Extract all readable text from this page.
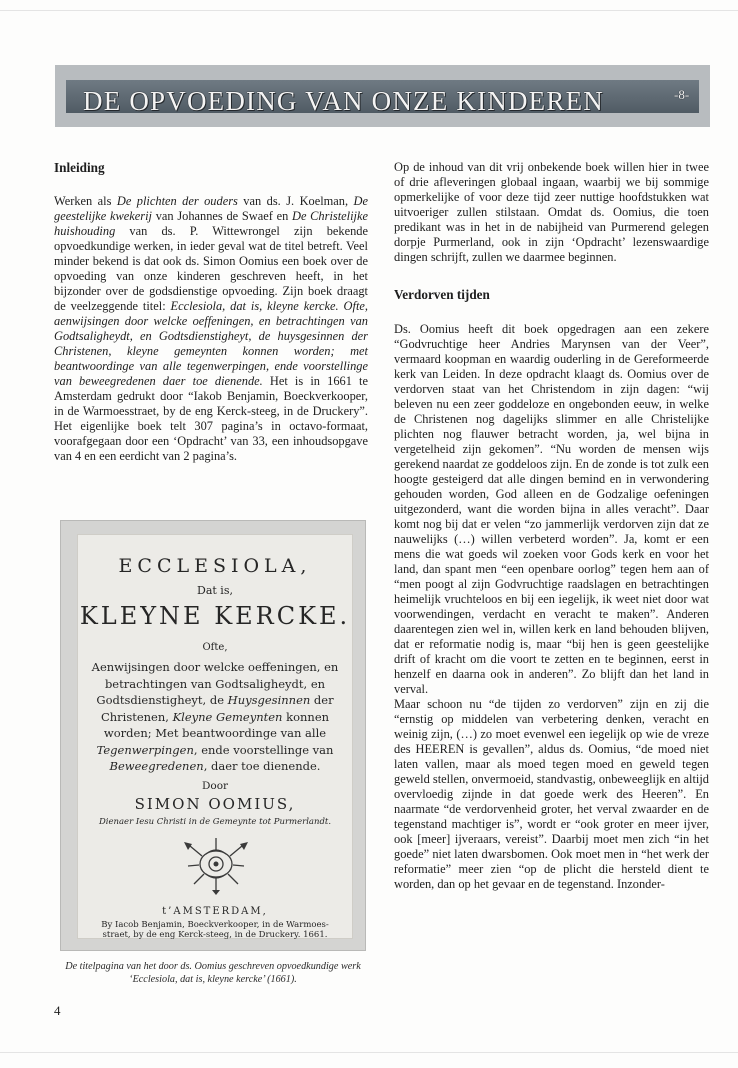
DE OPVOEDING VAN ONZE KINDEREN	-8-
Inleiding

Werken als De plichten der ouders van ds. J. Koelman, De geestelijke kwekerij van Johannes de Swaef en De Christelijke huishouding van ds. P. Wittewrongel zijn bekende opvoedkundige werken, in ieder geval wat de titel betreft. Veel minder bekend is dat ook ds. Simon Oomius een boek over de opvoeding van onze kinderen geschreven heeft, in het bijzonder over de godsdienstige opvoeding. Zijn boek draagt de veelzeggende titel: Ecclesiola, dat is, kleyne kercke. Ofte, aenwijsingen door welcke oeffeningen, en betrachtingen van Godtsaligheydt, en Godtsdienstigheyt, de huysgesinnen der Christenen, kleyne gemeynten konnen worden; met beantwoordinge van alle tegenwerpingen, ende voorstellinge van beweegredenen daer toe dienende. Het is in 1661 te Amsterdam gedrukt door “Iakob Benjamin, Boeckverkooper, in de Warmoesstraet, by de eng Kerck-steeg, in de Druckery”. Het eigenlijke boek telt 307 pagina’s in octavo-formaat, voorafgegaan door een ‘Opdracht’ van 33, een inhoudsopgave van 4 en een eerdicht van 2 pagina’s.

ECCLESIOLA,
Dat is,
KLEYNE KERCKE.
Ofte,
Aenwijsingen door welcke oeffeningen, en betrachtingen van Godtsaligheydt, en Godtsdienstigheyt, de Huysgesinnen der Christenen, Kleyne Gemeynten konnen worden; Met beantwoordinge van alle Tegenwerpingen, ende voorstellinge van Beweegredenen, daer toe dienende.
Door
SIMON OOMIUS,
Dienaer Iesu Christi in de Gemeynte tot Purmerlandt.
t’AMSTERDAM,
By Iacob Benjamin, Boeckverkooper, in de Warmoes-straet, by de eng Kerck-steeg, in de Druckery. 1661.
De titelpagina van het door ds. Oomius geschreven opvoedkundige werk ‘Ecclesiola, dat is, kleyne kercke’ (1661).

Op de inhoud van dit vrij onbekende boek willen hier in twee of drie afleveringen globaal ingaan, waarbij we bij sommige opmerkelijke of voor deze tijd zeer nuttige hoofdstukken wat uitvoeriger zullen stilstaan. Omdat ds. Oomius, die toen predikant was in het in de nabijheid van Purmerend gelegen dorpje Purmerland, ook in zijn ‘Opdracht’ lezenswaardige dingen schrijft, zullen we daarmee beginnen.

Verdorven tijden

Ds. Oomius heeft dit boek opgedragen aan een zekere “Godvruchtige heer Andries Marynsen van der Veer”, vermaard koopman en waardig ouderling in de Gereformeerde kerk van Leiden. In deze opdracht klaagt ds. Oomius over de verdorven staat van het Christendom in zijn dagen: “wij beleven nu een zeer goddeloze en ongebonden eeuw, in welke de Christenen nog dagelijks slimmer en alle Christelijke plichten nog flauwer betracht worden, ja, wel bijna in vergetelheid zijn gekomen”. “Nu worden de mensen wijs gerekend naardat ze goddeloos zijn. En de zonde is tot zulk een hoogte gesteigerd dat alle dingen bemind en in verwondering gehouden worden, God alleen en de Godzalige oefeningen uitgezonderd, want die worden bijna in alles veracht”. Daar komt nog bij dat er velen “zo jammerlijk verdorven zijn dat ze nauwelijks (…) willen verbeterd worden”. Ja, komt er een mens die wat goeds wil zoeken voor Gods kerk en voor het land, dan spant men “een openbare oorlog” tegen hem aan of “men poogt al zijn Godvruchtige raadslagen en betrachtingen heimelijk vruchteloos en bij een iegelijk, ik weet niet door wat voorwendingen, verdacht en veracht te maken”. Anderen daarentegen zien wel in, willen kerk en land behouden blijven, dat er reformatie nodig is, maar “bij hen is geen geestelijke drift of kracht om die voort te zetten en te beginnen, eerst in henzelf en daarna ook in anderen”. Zo blijft dan het land in verval.

Maar schoon nu “de tijden zo verdorven” zijn en zij die “ernstig op middelen van verbetering denken, veracht en weinig zijn, (…) zo moet evenwel een iegelijk op wie de vreze des HEEREN is gevallen”, aldus ds. Oomius, “de moed niet laten vallen, maar als moed tegen moed en geweld tegen geweld stellen, onvermoeid, standvastig, onbeweeglijk en altijd overvloedig zijnde in dat goede werk des Heeren”. En naarmate “de verdorvenheid groter, het verval zwaarder en de tegenstand machtiger is”, wordt er “ook groter en meer ijver, ook [meer] ijveraars, vereist”. Daarbij moet men zich “in het goede” niet laten dwarsbomen. Ook moet men in “het werk der reformatie” meer zien “op de plicht die hersteld dient te worden, dan op het gevaar en de tegenstand. Inzonder-

4
